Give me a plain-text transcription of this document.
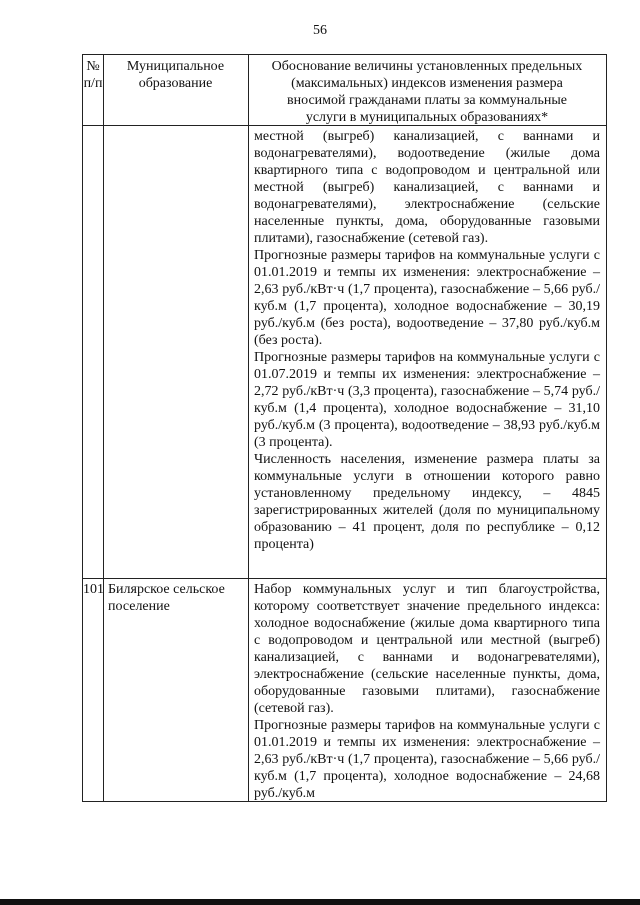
56
№
п/п
Муниципальное
образование
Обоснование величины установленных предельных
(максимальных) индексов изменения размера
вносимой гражданами платы за коммунальные
услуги в муниципальных образованиях*

местной (выгреб) канализацией, с ваннами и водонагревателями), водоотведение (жилые дома квартирного типа с водопроводом и центральной или местной (выгреб) канализацией, с ваннами и водонагревателями), электроснабжение (сельские населенные пункты, дома, оборудованные газовыми плитами), газоснабжение (сетевой газ).

Прогнозные размеры тарифов на коммунальные услуги с 01.01.2019 и темпы их изменения: электроснабжение – 2,63 руб./кВт·ч (1,7 процента), газоснабжение – 5,66 руб./куб.м (1,7 процента), холодное водоснабжение – 30,19 руб./куб.м (без роста), водоотведение – 37,80 руб./куб.м (без роста).

Прогнозные размеры тарифов на коммунальные услуги с 01.07.2019 и темпы их изменения: электроснабжение – 2,72 руб./кВт·ч (3,3 процента), газоснабжение – 5,74 руб./куб.м (1,4 процента), холодное водоснабжение – 31,10 руб./куб.м (3 процента), водоотведение – 38,93 руб./куб.м (3 процента).

Численность населения, изменение размера платы за коммунальные услуги в отношении которого равно установленному предельному индексу, – 4845 зарегистрированных жителей (доля по муниципальному образованию – 41 процент, доля по республике – 0,12 процента)

101 Билярское сельское поселение

Набор коммунальных услуг и тип благоустройства, которому соответствует значение предельного индекса: холодное водоснабжение (жилые дома квартирного типа с водопроводом и центральной или местной (выгреб) канализацией, с ваннами и водонагревателями), электроснабжение (сельские населенные пункты, дома, оборудованные газовыми плитами), газоснабжение (сетевой газ).

Прогнозные размеры тарифов на коммунальные услуги с 01.01.2019 и темпы их изменения: электроснабжение – 2,63 руб./кВт·ч (1,7 процента), газоснабжение – 5,66 руб./куб.м (1,7 процента), холодное водоснабжение – 24,68 руб./куб.м
